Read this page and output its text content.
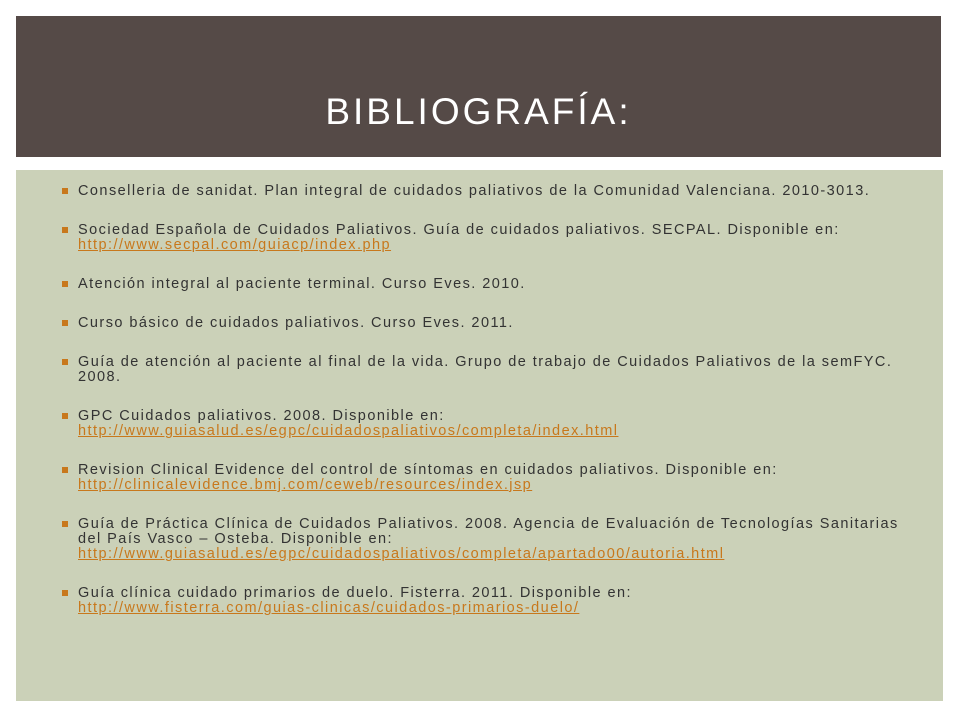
BIBLIOGRAFÍA:
Conselleria de sanidat. Plan integral de cuidados paliativos de la Comunidad Valenciana. 2010-3013.
Sociedad Española de Cuidados Paliativos. Guía de cuidados paliativos. SECPAL. Disponible en: http://www.secpal.com/guiacp/index.php
Atención integral al paciente terminal. Curso Eves. 2010.
Curso básico de cuidados paliativos. Curso Eves. 2011.
Guía de atención al paciente al final de la vida. Grupo de trabajo de Cuidados Paliativos de la semFYC. 2008.
GPC Cuidados paliativos. 2008. Disponible en:
http://www.guiasalud.es/egpc/cuidadospaliativos/completa/index.html
Revision Clinical Evidence del control de síntomas en cuidados paliativos. Disponible en:
http://clinicalevidence.bmj.com/ceweb/resources/index.jsp
Guía de Práctica Clínica de Cuidados Paliativos. 2008. Agencia de Evaluación de Tecnologías Sanitarias del País Vasco – Osteba. Disponible en:
http://www.guiasalud.es/egpc/cuidadospaliativos/completa/apartado00/autoria.html
Guía clínica cuidado primarios de duelo. Fisterra. 2011. Disponible en:
http://www.fisterra.com/guias-clinicas/cuidados-primarios-duelo/
